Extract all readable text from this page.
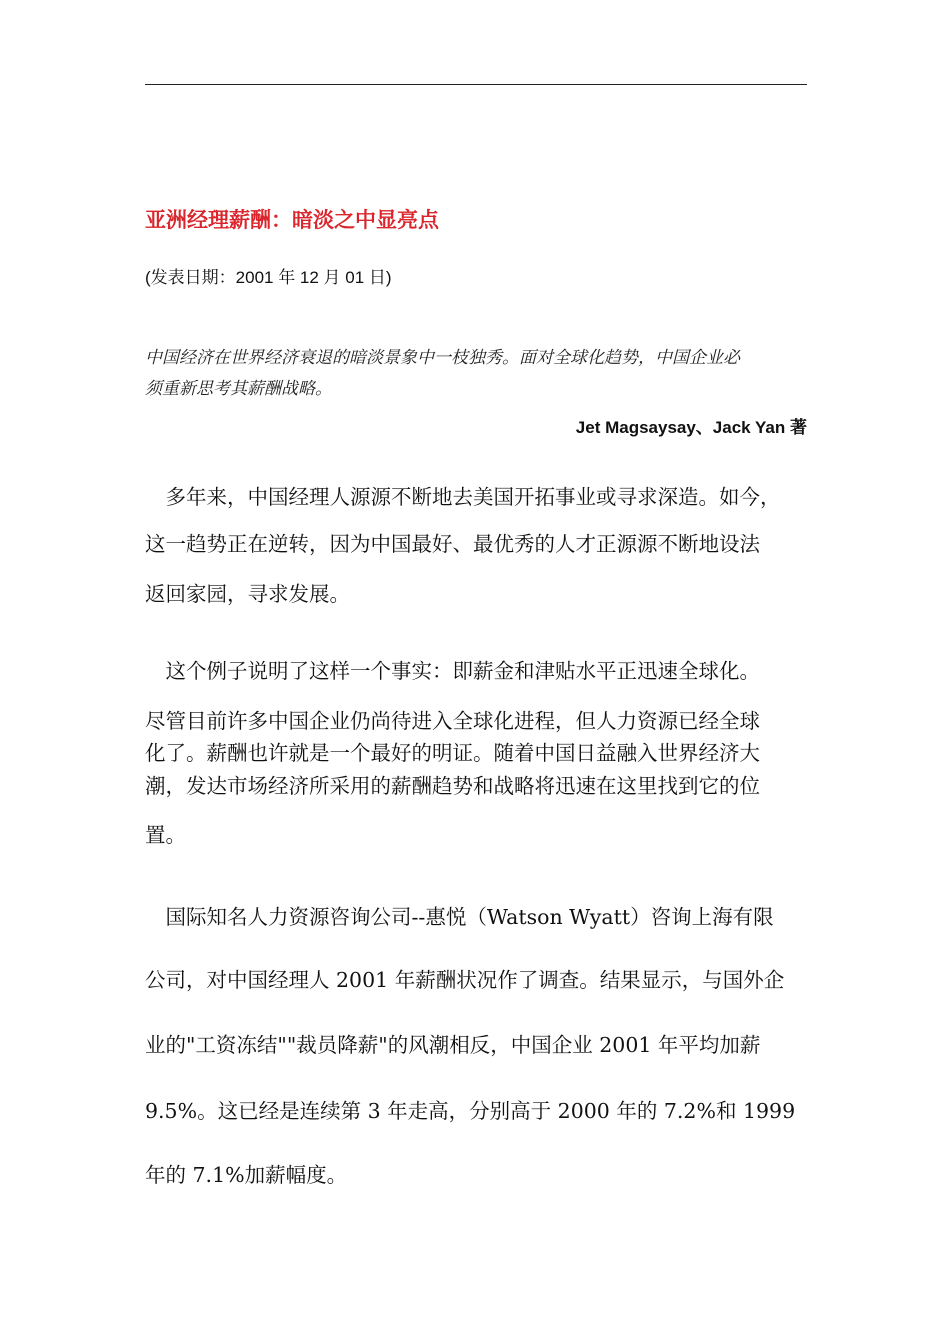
亚洲经理薪酬：暗淡之中显亮点
(发表日期：2001 年 12 月 01 日)
中国经济在世界经济衰退的暗淡景象中一枝独秀。面对全球化趋势，中国企业必
须重新思考其薪酬战略。
Jet Magsaysay、Jack Yan 著
　多年来，中国经理人源源不断地去美国开拓事业或寻求深造。如今，
这一趋势正在逆转，因为中国最好、最优秀的人才正源源不断地设法
返回家园，寻求发展。
　这个例子说明了这样一个事实：即薪金和津贴水平正迅速全球化。
尽管目前许多中国企业仍尚待进入全球化进程，但人力资源已经全球
化了。薪酬也许就是一个最好的明证。随着中国日益融入世界经济大
潮，发达市场经济所采用的薪酬趋势和战略将迅速在这里找到它的位
置。
　国际知名人力资源咨询公司--惠悦（Watson Wyatt）咨询上海有限
公司，对中国经理人 2001 年薪酬状况作了调查。结果显示，与国外企
业的"工资冻结""裁员降薪"的风潮相反，中国企业 2001 年平均加薪
9.5%。这已经是连续第 3 年走高，分别高于 2000 年的 7.2%和 1999
年的 7.1%加薪幅度。
